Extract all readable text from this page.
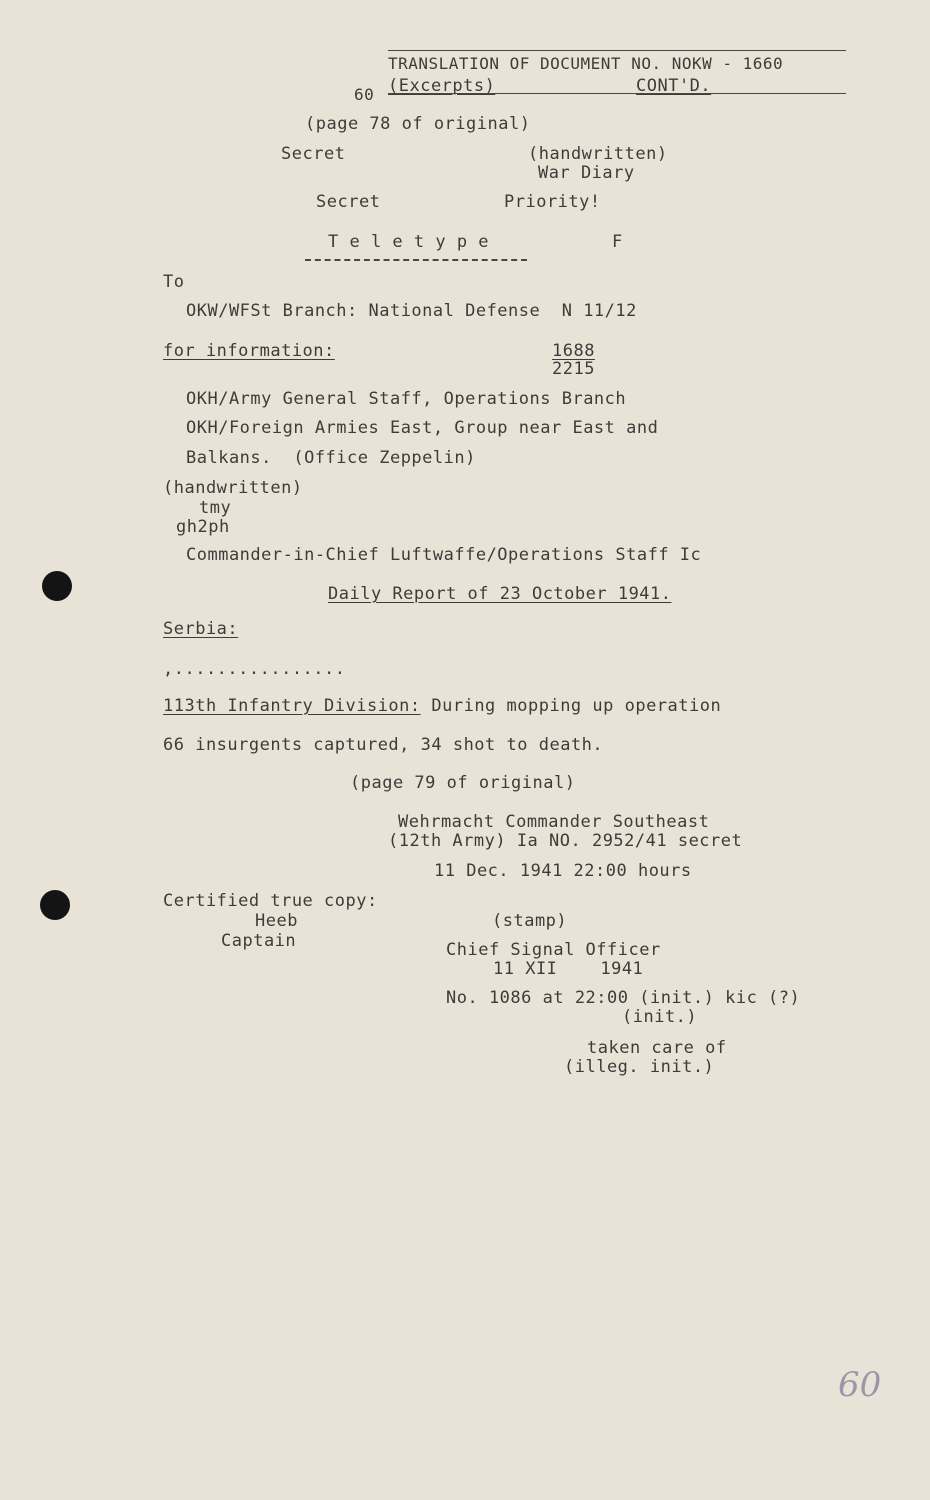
TRANSLATION OF DOCUMENT NO. NOKW - 1660
60 (Excerpts)	CONT'D.
(page 78 of original)
Secret	(handwritten)
War Diary
Secret	Priority!
T e l e t y p e	F
To
OKW/WFSt Branch: National Defense  N 11/12
for information:	1688
2215
OKH/Army General Staff, Operations Branch
OKH/Foreign Armies East, Group near East and
Balkans.  (Office Zeppelin)
(handwritten)
tmy
gh2ph
Commander-in-Chief Luftwaffe/Operations Staff Ic
Daily Report of 23 October 1941.
Serbia:
,................
113th Infantry Division: During mopping up operation
66 insurgents captured, 34 shot to death.
(page 79 of original)
Wehrmacht Commander Southeast
(12th Army) Ia NO. 2952/41 secret
11 Dec. 1941 22:00 hours
Certified true copy:
Heeb
Captain
(stamp)
Chief Signal Officer
11 XII    1941
No. 1086 at 22:00 (init.) kic (?)
(init.)
taken care of
(illeg. init.)
60
